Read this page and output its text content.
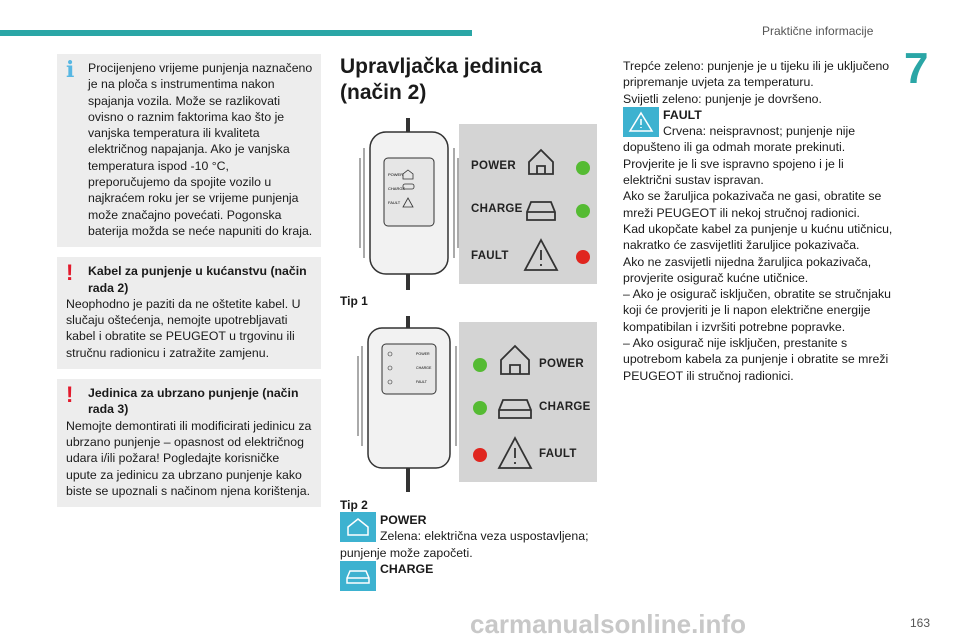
Praktične informacije
7
i	Procijenjeno vrijeme punjenja naznačeno je na ploča s instrumentima nakon spajanja vozila. Može se razlikovati ovisno o raznim faktorima kao što je vanjska temperatura ili kvaliteta električnog napajanja. Ako je vanjska temperatura ispod -10 °C, preporučujemo da spojite vozilo u najkraćem roku jer se vrijeme punjenja može značajno povećati. Pogonska baterija možda se neće napuniti do kraja.
!	Kabel za punjenje u kućanstvu (način rada 2)
Neophodno je paziti da ne oštetite kabel. U slučaju oštećenja, nemojte upotrebljavati kabel i obratite se PEUGEOT u trgovinu ili stručnu radionicu i zatražite zamjenu.
!	Jedinica za ubrzano punjenje (način rada 3)
Nemojte demontirati ili modificirati jedinicu za ubrzano punjenje – opasnost od električnog udara i/ili požara! Pogledajte korisničke upute za jedinicu za ubrzano punjenje kako biste se upoznali s načinom njena korištenja.
Upravljačka jedinica (način 2)
POWER
CHARGE
FAULT
POWER
CHARGE
FAULT
Tip 1
POWER
CHARGE
FAULT
POWER
CHARGE
FAULT
Tip 2
POWER
Zelena: električna veza uspostavljena;
punjenje može započeti.
CHARGE

Trepće zeleno: punjenje je u tijeku ili je uključeno pripremanje uvjeta za temperaturu.

Svijetli zeleno: punjenje je dovršeno.

FAULT
Crvena: neispravnost; punjenje nije

dopušteno ili ga odmah morate prekinuti.

Provjerite je li sve ispravno spojeno i je li električni sustav ispravan.

Ako se žaruljica pokazivača ne gasi, obratite se mreži PEUGEOT ili nekoj stručnoj radionici.

Kad ukopčate kabel za punjenje u kućnu utičnicu, nakratko će zasvijetliti žaruljice pokazivača.

Ako ne zasvijetli nijedna žaruljica pokazivača, provjerite osigurač kućne utičnice.

– Ako je osigurač isključen, obratite se stručnjaku koji će provjeriti je li napon električne energije kompatibilan i izvršiti potrebne popravke.

– Ako osigurač nije isključen, prestanite s upotrebom kabela za punjenje i obratite se mreži PEUGEOT ili stručnoj radionici.

carmanualsonline.info	163
